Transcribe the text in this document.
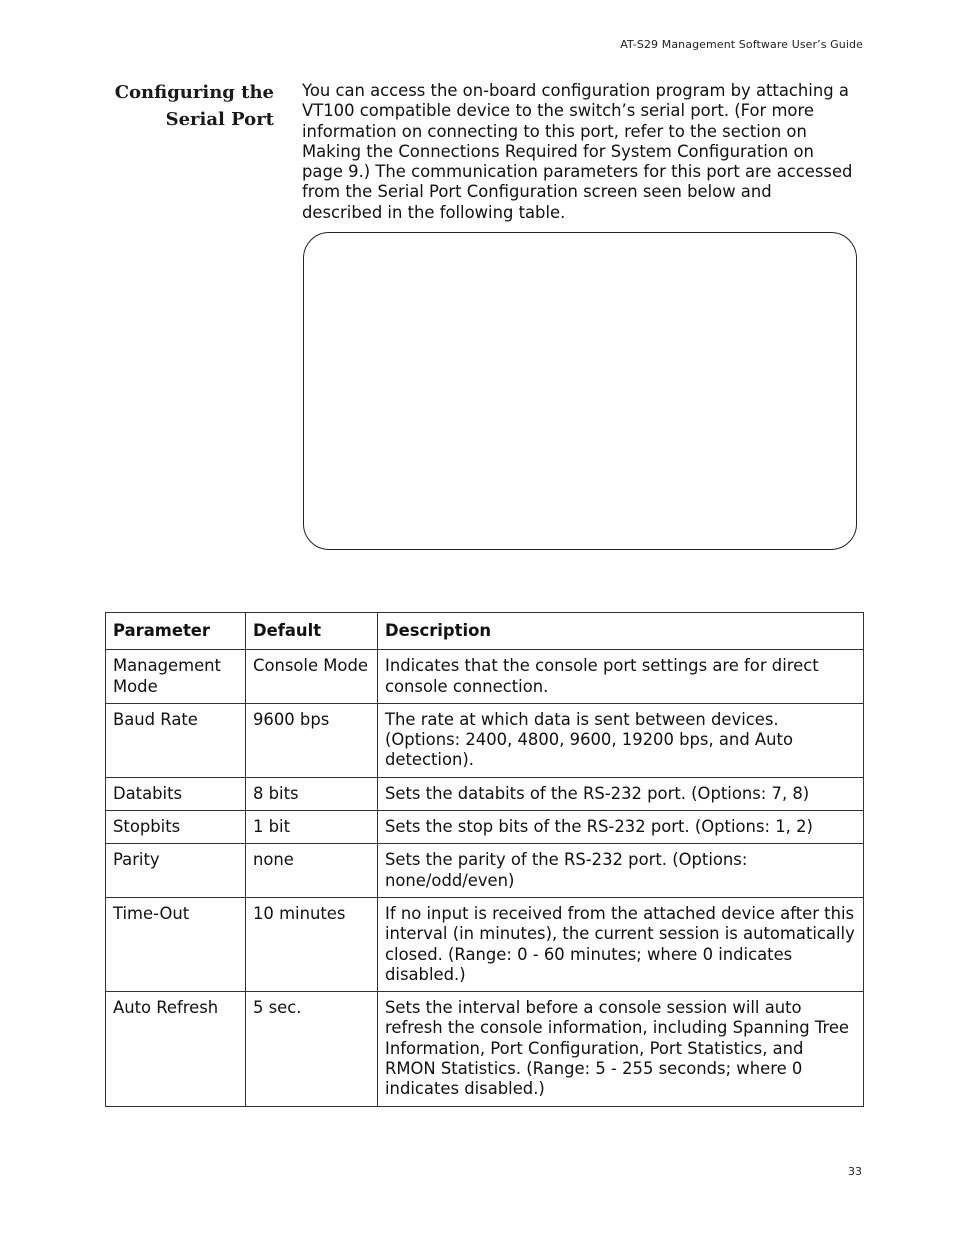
AT-S29 Management Software User’s Guide
Configuring the
Serial Port

You can access the on-board configuration program by attaching a VT100 compatible device to the switch’s serial port. (For more information on connecting to this port, refer to the section on Making the Connections Required for System Configuration on page 9.) The communication parameters for this port are accessed from the Serial Port Configuration screen seen below and described in the following table.

Parameter	Default	Description
Management Mode	Console Mode	Indicates that the console port settings are for direct console connection.
Baud Rate	9600 bps	The rate at which data is sent between devices. (Options: 2400, 4800, 9600, 19200 bps, and Auto detection).
Databits	8 bits	Sets the databits of the RS-232 port. (Options: 7, 8)
Stopbits	1 bit	Sets the stop bits of the RS-232 port. (Options: 1, 2)
Parity	none	Sets the parity of the RS-232 port. (Options: none/odd/even)
Time-Out	10 minutes	If no input is received from the attached device after this interval (in minutes), the current session is automatically closed. (Range: 0 - 60 minutes; where 0 indicates disabled.)
Auto Refresh	5 sec.	Sets the interval before a console session will auto refresh the console information, including Spanning Tree Information, Port Configuration, Port Statistics, and RMON Statistics. (Range: 5 - 255 seconds; where 0 indicates disabled.)
33
